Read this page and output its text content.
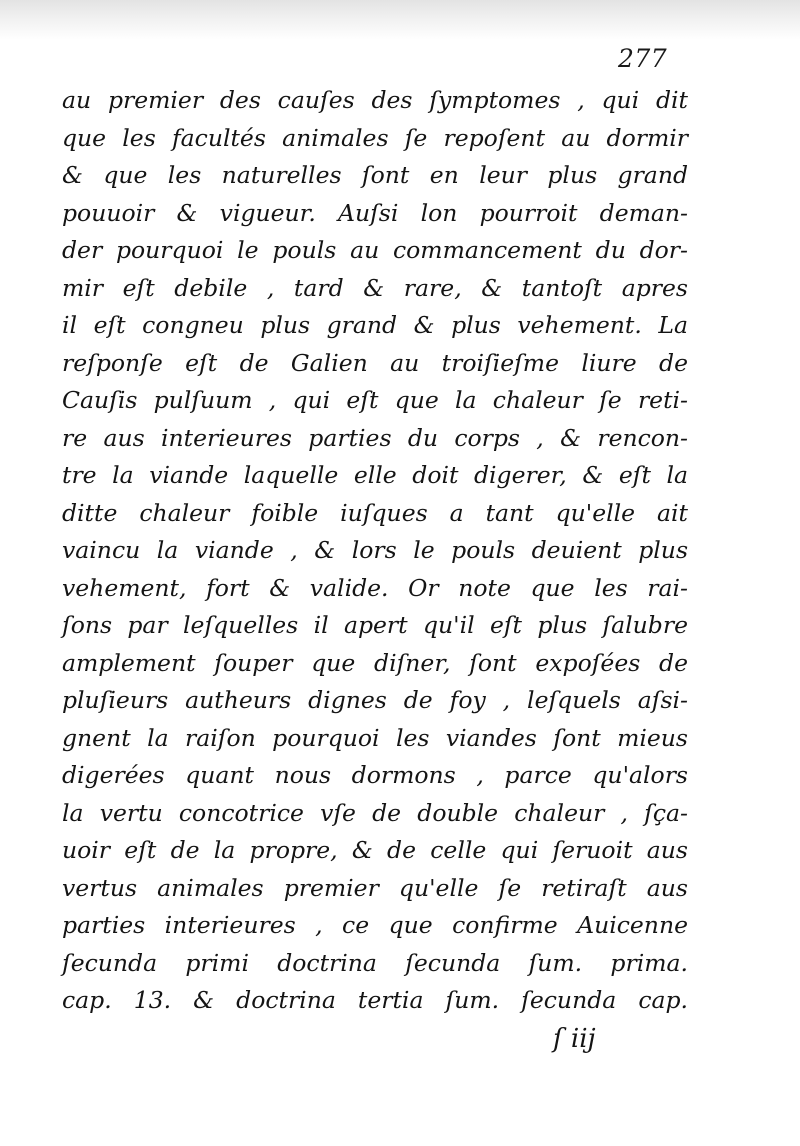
277
au premier des cauſes des ſymptomes , qui dit
que les facultés animales ſe repoſent au dormir
& que les naturelles ſont en leur plus grand
pouuoir & vigueur. Auſsi lon pourroit deman-
der pourquoi le pouls au commancement du dor-
mir eſt debile , tard & rare, & tantoſt apres
il eſt congneu plus grand & plus vehement. La
reſponſe eſt de Galien au troiſieſme liure de
Cauſis pulſuum , qui eſt que la chaleur ſe reti-
re aus interieures parties du corps , & rencon-
tre la viande laquelle elle doit digerer, & eſt la
ditte chaleur foible iuſques a tant qu'elle ait
vaincu la viande , & lors le pouls deuient plus
vehement, fort & valide. Or note que les rai-
ſons par leſquelles il apert qu'il eſt plus ſalubre
amplement ſouper que diſner, ſont expoſées de
pluſieurs autheurs dignes de foy , leſquels aſsi-
gnent la raiſon pourquoi les viandes ſont mieus
digerées quant nous dormons , parce qu'alors
la vertu concotrice vſe de double chaleur , ſça-
uoir eſt de la propre, & de celle qui ſeruoit aus
vertus animales premier qu'elle ſe retiraſt aus
parties interieures , ce que confirme Auicenne
ſecunda primi doctrina ſecunda ſum. prima.
cap. 13. & doctrina tertia ſum. ſecunda cap.
ſ iij
